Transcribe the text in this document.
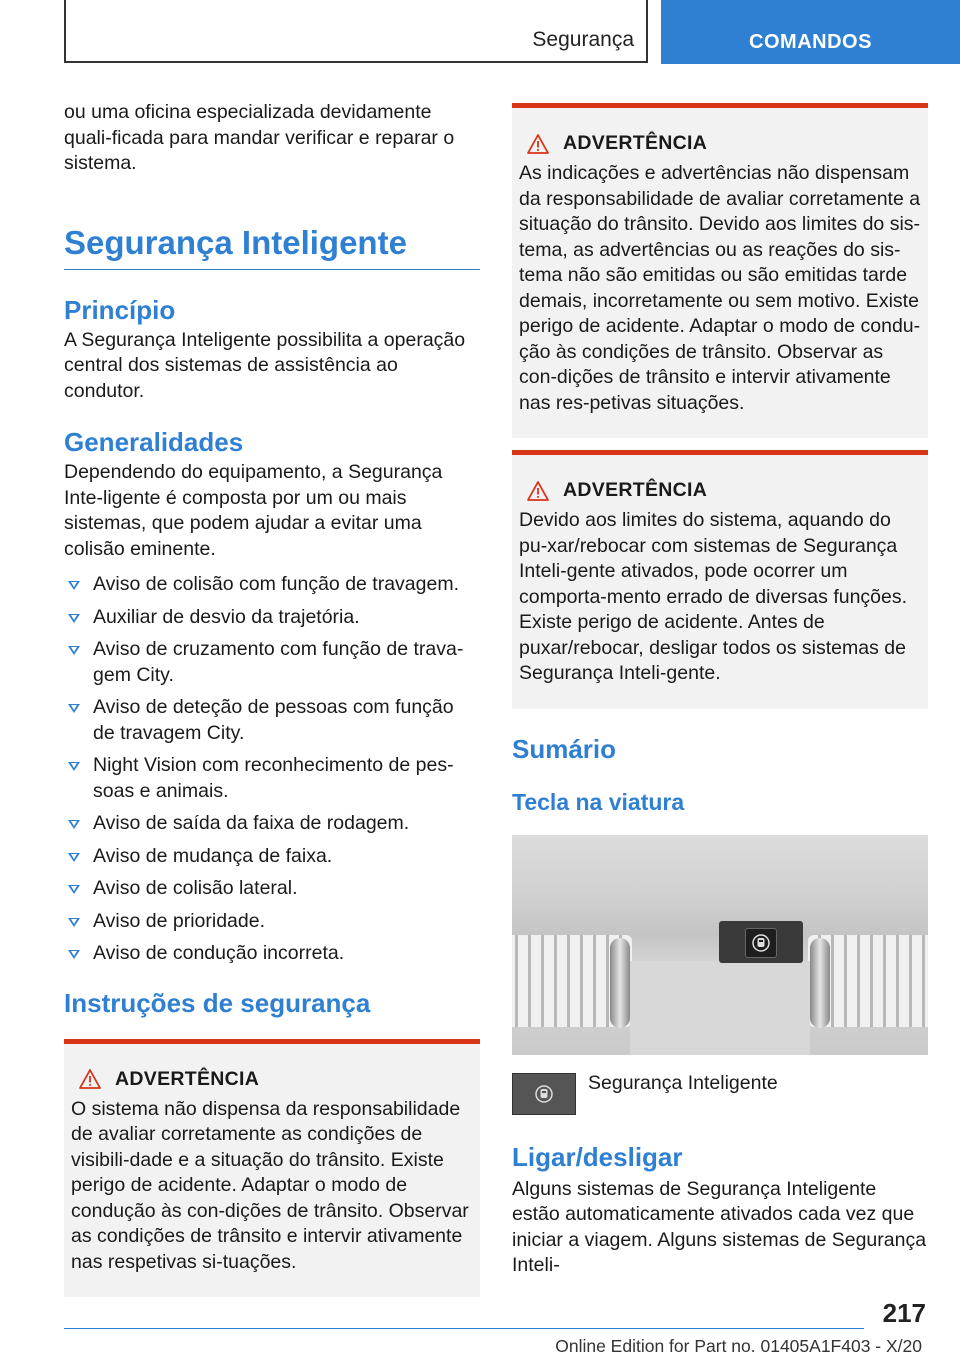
Segurança	COMANDOS

ou uma oficina especializada devidamente quali-ficada para mandar verificar e reparar o sistema.

Segurança Inteligente
Princípio

A Segurança Inteligente possibilita a operação central dos sistemas de assistência ao condutor.

Generalidades

Dependendo do equipamento, a Segurança Inte-ligente é composta por um ou mais sistemas, que podem ajudar a evitar uma colisão eminente.

Aviso de colisão com função de travagem.
Auxiliar de desvio da trajetória.
Aviso de cruzamento com função de trava-gem City.
Aviso de deteção de pessoas com função de travagem City.
Night Vision com reconhecimento de pes-soas e animais.
Aviso de saída da faixa de rodagem.
Aviso de mudança de faixa.
Aviso de colisão lateral.
Aviso de prioridade.
Aviso de condução incorreta.
Instruções de segurança
ADVERTÊNCIA

O sistema não dispensa da responsabilidade de avaliar corretamente as condições de visibili-dade e a situação do trânsito. Existe perigo de acidente. Adaptar o modo de condução às con-dições de trânsito. Observar as condições de trânsito e intervir ativamente nas respetivas si-tuações.

ADVERTÊNCIA

As indicações e advertências não dispensam da responsabilidade de avaliar corretamente a situação do trânsito. Devido aos limites do sis-tema, as advertências ou as reações do sis-tema não são emitidas ou são emitidas tarde demais, incorretamente ou sem motivo. Existe perigo de acidente. Adaptar o modo de condu-ção às condições de trânsito. Observar as con-dições de trânsito e intervir ativamente nas res-petivas situações.

ADVERTÊNCIA

Devido aos limites do sistema, aquando do pu-xar/rebocar com sistemas de Segurança Inteli-gente ativados, pode ocorrer um comporta-mento errado de diversas funções. Existe perigo de acidente. Antes de puxar/rebocar, desligar todos os sistemas de Segurança Inteli-gente.

Sumário
Tecla na viatura

Segurança Inteligente

Ligar/desligar

Alguns sistemas de Segurança Inteligente estão automaticamente ativados cada vez que iniciar a viagem. Alguns sistemas de Segurança Inteli-

217
Online Edition for Part no. 01405A1F403 - X/20
